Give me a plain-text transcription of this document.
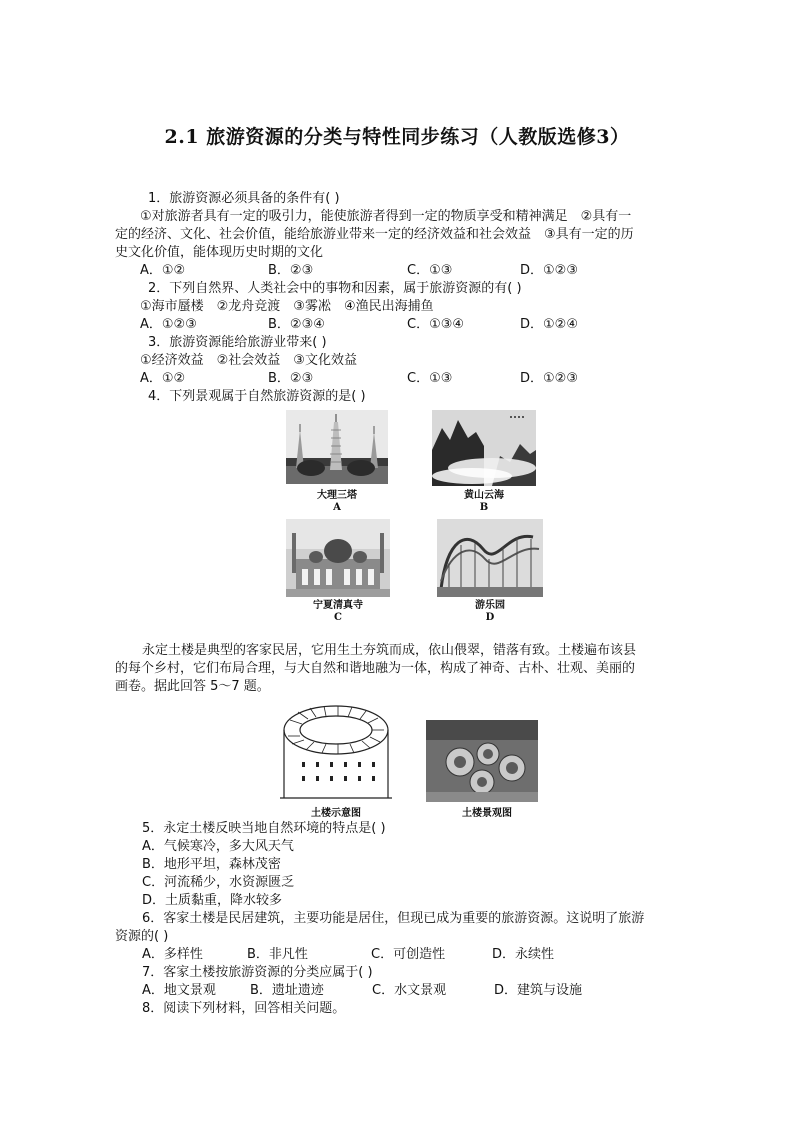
2.1 旅游资源的分类与特性同步练习（人教版选修3）
1．旅游资源必须具备的条件有( )
①对旅游者具有一定的吸引力，能使旅游者得到一定的物质享受和精神满足　②具有一
定的经济、文化、社会价值，能给旅游业带来一定的经济效益和社会效益　③具有一定的历
史文化价值，能体现历史时期的文化
A．①②	B．②③	C．①③	D．①②③
2．下列自然界、人类社会中的事物和因素，属于旅游资源的有( )
①海市蜃楼　②龙舟竞渡　③雾凇　④渔民出海捕鱼
A．①②③	B．②③④	C．①③④	D．①②④
3．旅游资源能给旅游业带来( )
①经济效益　②社会效益　③文化效益
A．①②	B．②③	C．①③	D．①②③
4．下列景观属于自然旅游资源的是( )
大理三塔
A
黄山云海
B
宁夏清真寺
C
游乐园
D
永定土楼是典型的客家民居，它用生土夯筑而成，依山偎翠，错落有致。土楼遍布该县
的每个乡村，它们布局合理，与大自然和谐地融为一体，构成了神奇、古朴、壮观、美丽的
画卷。据此回答 5～7 题。
土楼示意图	土楼景观图
5．永定土楼反映当地自然环境的特点是( )
A．气候寒冷，多大风天气
B．地形平坦，森林茂密
C．河流稀少，水资源匮乏
D．土质黏重，降水较多
6．客家土楼是民居建筑，主要功能是居住，但现已成为重要的旅游资源。这说明了旅游
资源的( )
A．多样性	B．非凡性	C．可创造性	D．永续性
7．客家土楼按旅游资源的分类应属于( )
A．地文景观	B．遗址遗迹	C．水文景观	D．建筑与设施
8．阅读下列材料，回答相关问题。
